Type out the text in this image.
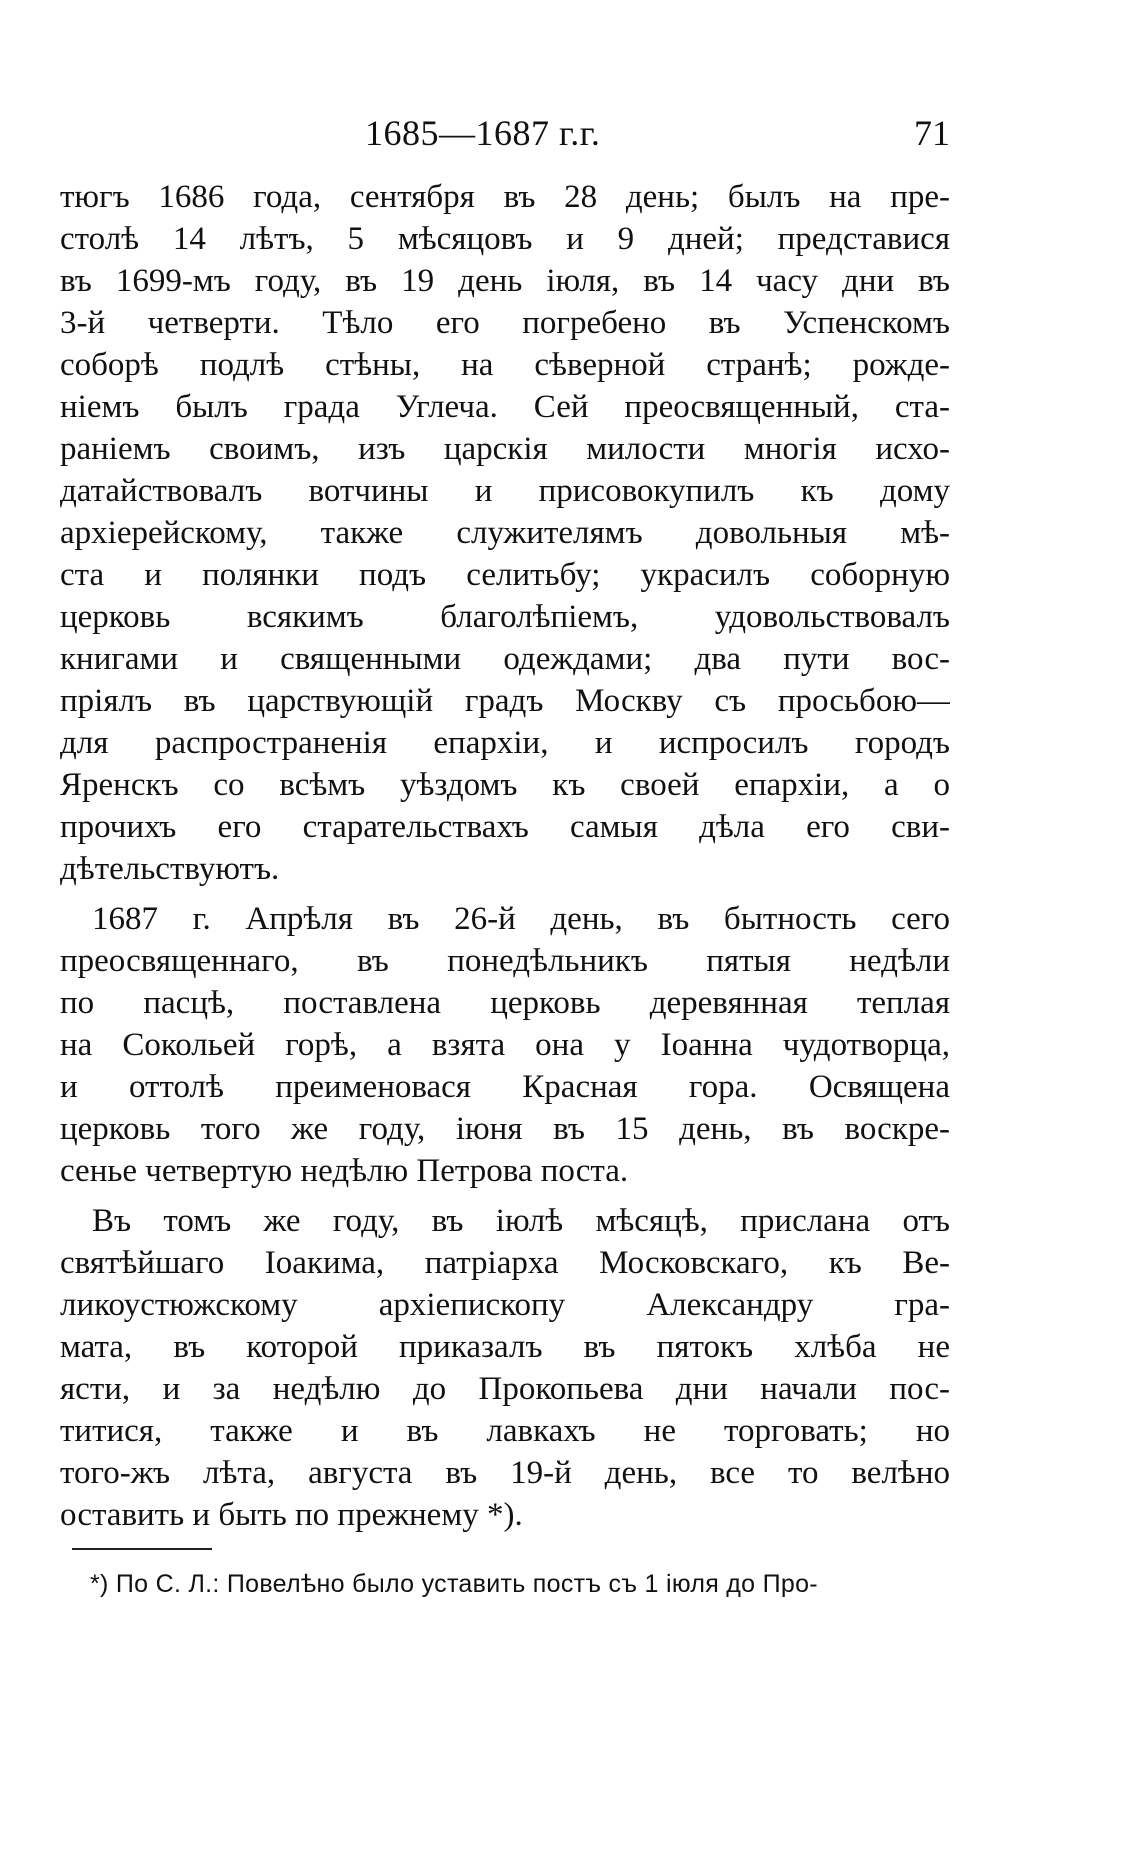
1685—1687 г.г.	71
тюгъ 1686 года, сентября въ 28 день; былъ на пре-
столѣ 14 лѣтъ, 5 мѣсяцовъ и 9 дней; представися
въ 1699-мъ году, въ 19 день іюля, въ 14 часу дни въ
3-й четверти. Тѣло его погребено въ Успенскомъ
соборѣ подлѣ стѣны, на сѣверной странѣ; рожде-
ніемъ былъ града Углеча. Сей преосвященный, ста-
раніемъ своимъ, изъ царскія милости многія исхо-
датайствовалъ вотчины и присовокупилъ къ дому
архіерейскому, также служителямъ довольныя мѣ-
ста и полянки подъ селитьбу; украсилъ соборную
церковь всякимъ благолѣпіемъ, удовольствовалъ
книгами и священными одеждами; два пути вос-
пріялъ въ царствующій градъ Москву съ просьбою—
для распространенія епархіи, и испросилъ городъ
Яренскъ со всѣмъ уѣздомъ къ своей епархіи, а о
прочихъ его старательствахъ самыя дѣла его сви-
дѣтельствуютъ.
1687 г. Апрѣля въ 26-й день, въ бытность сего
преосвященнаго, въ понедѣльникъ пятыя недѣли
по пасцѣ, поставлена церковь деревянная теплая
на Сокольей горѣ, а взята она у Іоанна чудотворца,
и оттолѣ преименовася Красная гора. Освящена
церковь того же году, іюня въ 15 день, въ воскре-
сенье четвертую недѣлю Петрова поста.
Въ томъ же году, въ іюлѣ мѣсяцѣ, прислана отъ
святѣйшаго Іоакима, патріарха Московскаго, къ Ве-
ликоустюжскому архіепископу Александру гра-
мата, въ которой приказалъ въ пятокъ хлѣба не
ясти, и за недѣлю до Прокопьева дни начали пос-
титися, также и въ лавкахъ не торговать; но
того-жъ лѣта, августа въ 19-й день, все то велѣно
оставить и быть по прежнему *).
*) По С. Л.: Повелѣно было уставить постъ съ 1 іюля до Про-
